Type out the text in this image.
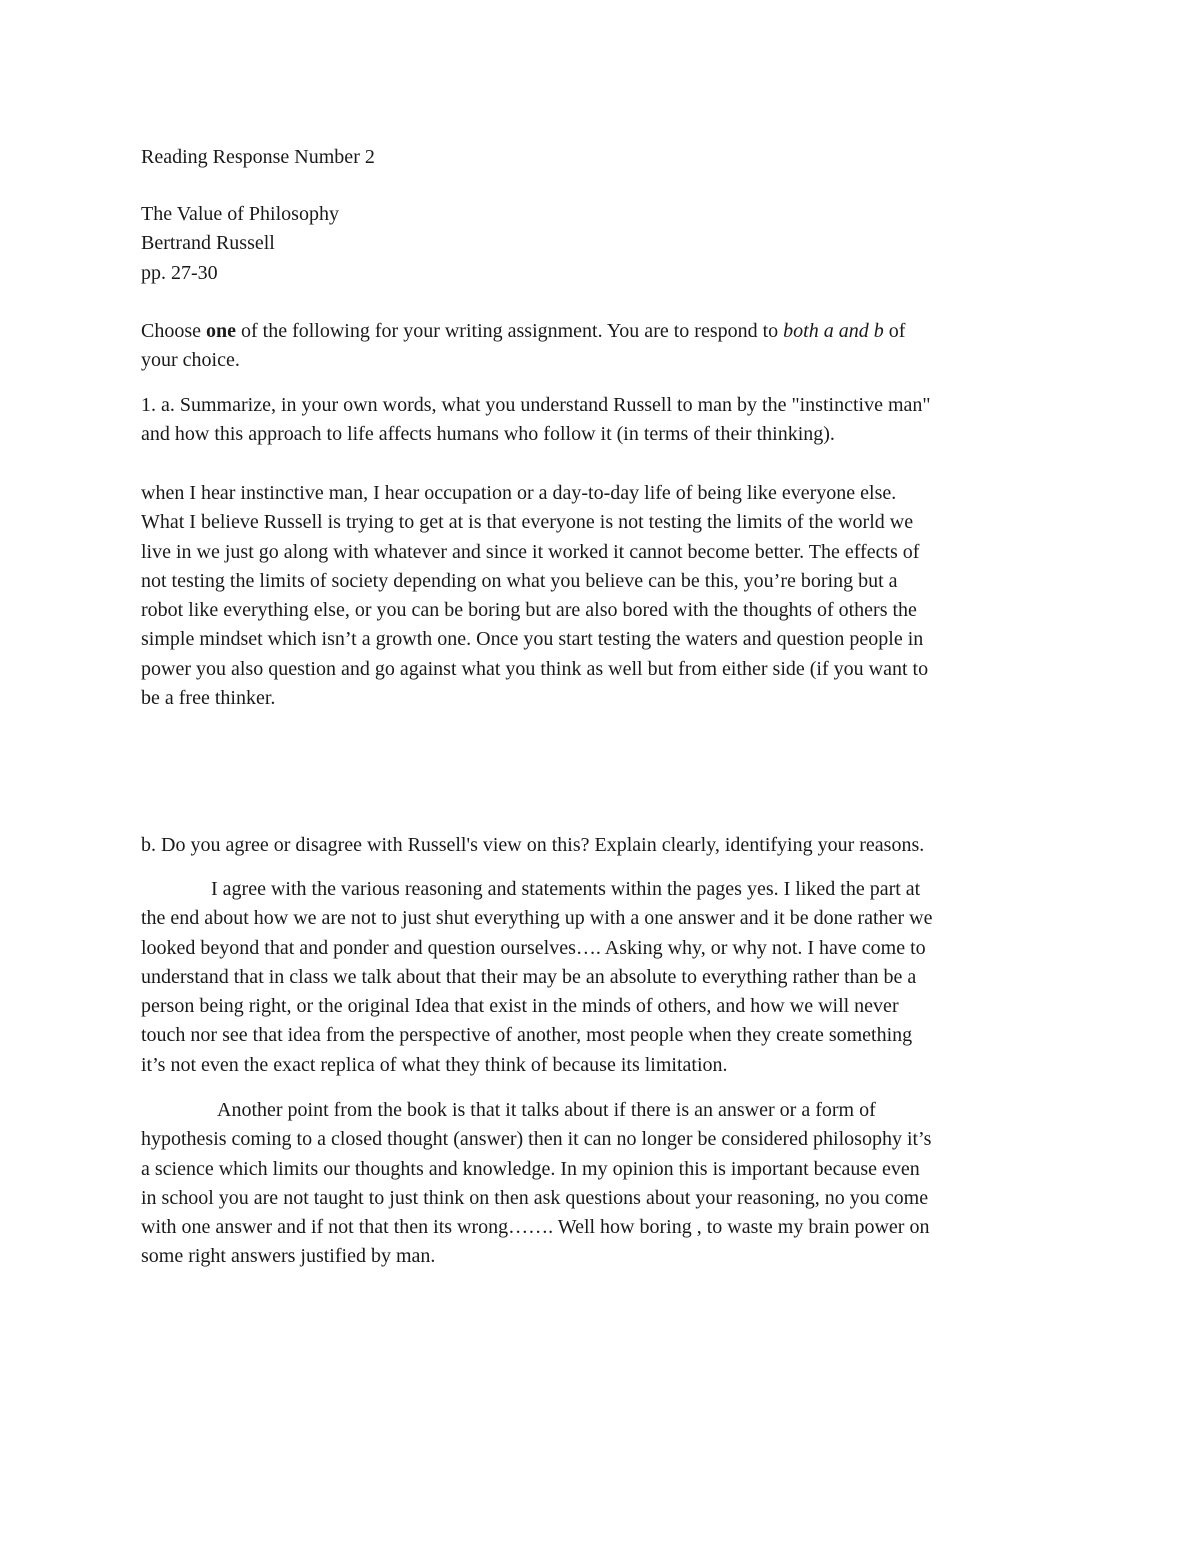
Reading Response Number 2

The Value of Philosophy
Bertrand Russell
pp. 27-30

Choose one of the following for your writing assignment. You are to respond to both a and b of
your choice.

1. a. Summarize, in your own words, what you understand Russell to man by the "instinctive man"
and how this approach to life affects humans who follow it (in terms of their thinking).

when I hear instinctive man, I hear occupation or a day-to-day life of being like everyone else.
What I believe Russell is trying to get at is that everyone is not testing the limits of the world we
live in we just go along with whatever and since it worked it cannot become better. The effects of
not testing the limits of society depending on what you believe can be this, you’re boring but a
robot like everything else, or you can be boring but are also bored with the thoughts of others the
simple mindset which isn’t a growth one. Once you start testing the waters and question people in
power you also question and go against what you think as well but from either side (if you want to
be a free thinker.

b. Do you agree or disagree with Russell's view on this? Explain clearly, identifying your reasons.

I agree with the various reasoning and statements within the pages yes. I liked the part at
the end about how we are not to just shut everything up with a one answer and it be done rather we
looked beyond that and ponder and question ourselves…. Asking why, or why not. I have come to
understand that in class we talk about that their may be an absolute to everything rather than be a
person being right, or the original Idea that exist in the minds of others, and how we will never
touch nor see that idea from the perspective of another, most people when they create something
it’s not even the exact replica of what they think of because its limitation.

Another point from the book is that it talks about if there is an answer or a form of
hypothesis coming to a closed thought (answer) then it can no longer be considered philosophy it’s
a science which limits our thoughts and knowledge. In my opinion this is important because even
in school you are not taught to just think on then ask questions about your reasoning, no you come
with one answer and if not that then its wrong……. Well how boring , to waste my brain power on
some right answers justified by man.
